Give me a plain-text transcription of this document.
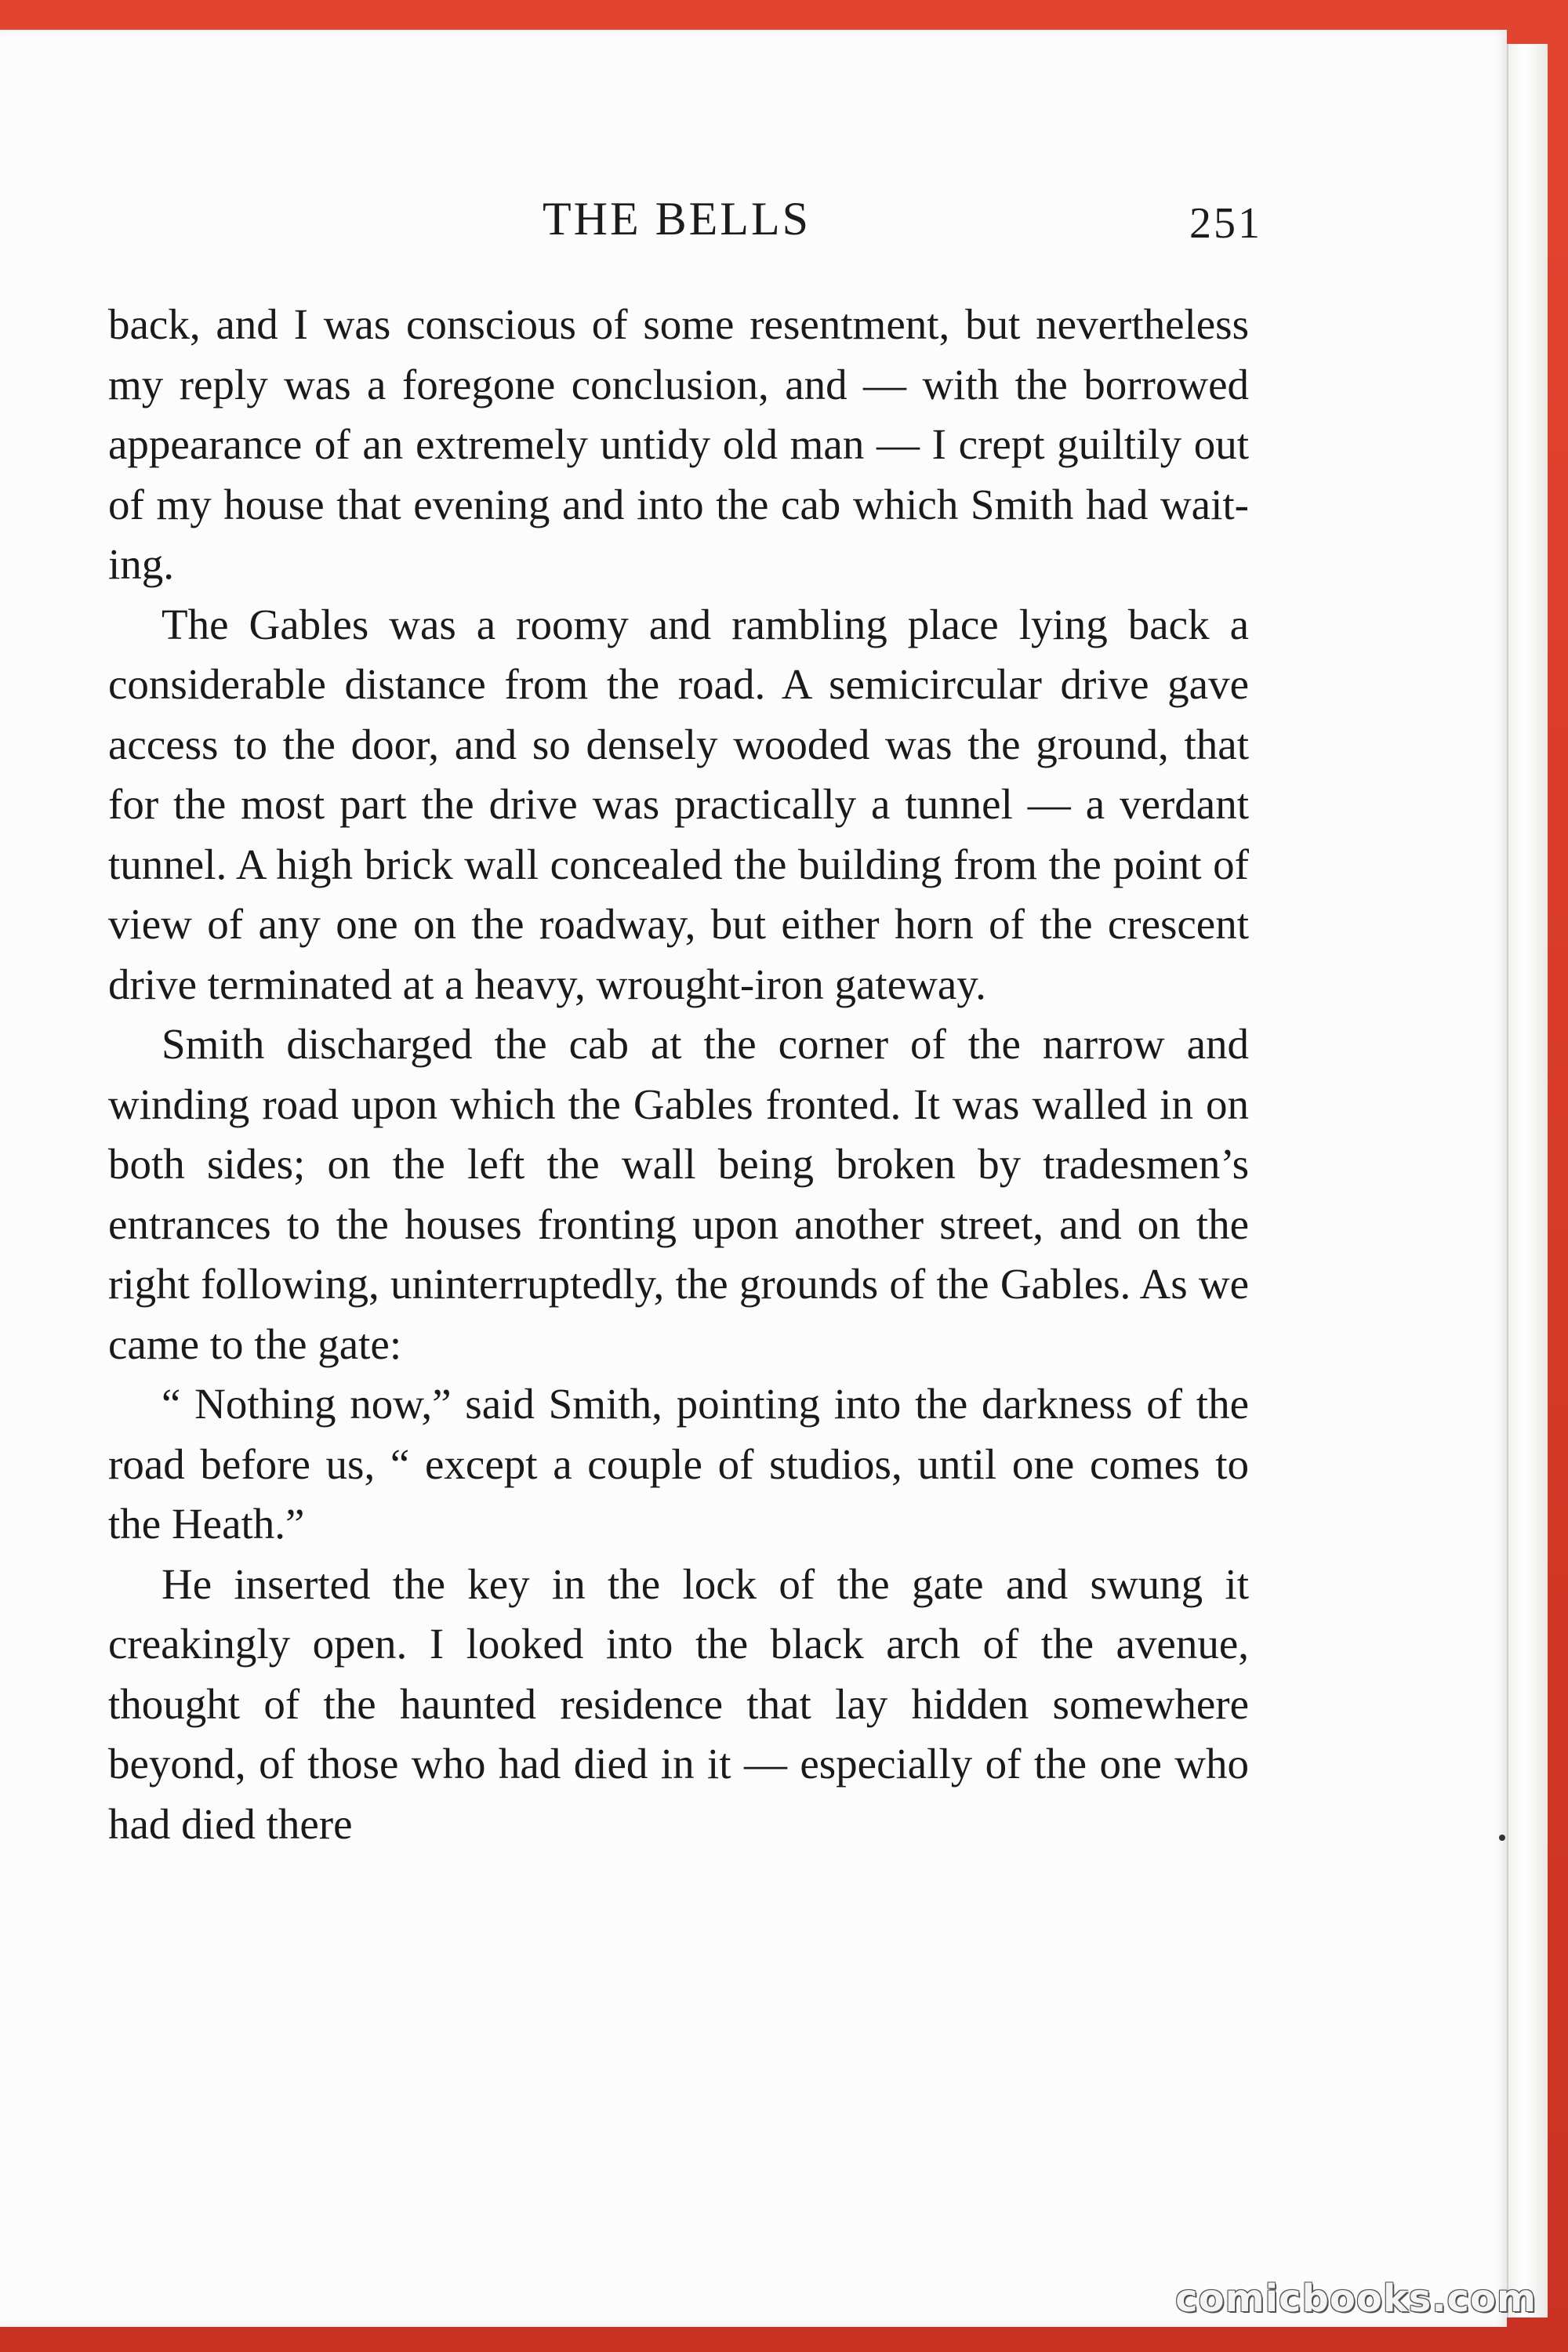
THE BELLS	251

back, and I was conscious of some resentment, but nevertheless my reply was a foregone conclusion, and — with the borrowed appearance of an extremely untidy old man — I crept guiltily out of my house that evening and into the cab which Smith had waiting.

The Gables was a roomy and rambling place lying back a considerable distance from the road. A semicircular drive gave access to the door, and so densely wooded was the ground, that for the most part the drive was practically a tunnel — a verdant tunnel. A high brick wall concealed the building from the point of view of any one on the roadway, but either horn of the crescent drive terminated at a heavy, wrought-iron gateway.

Smith discharged the cab at the corner of the narrow and winding road upon which the Gables fronted. It was walled in on both sides; on the left the wall being broken by tradesmen’s entrances to the houses fronting upon another street, and on the right following, uninterruptedly, the grounds of the Gables. As we came to the gate:

“ Nothing now,” said Smith, pointing into the darkness of the road before us, “ except a couple of studios, until one comes to the Heath.”

He inserted the key in the lock of the gate and swung it creakingly open. I looked into the black arch of the avenue, thought of the haunted residence that lay hidden somewhere beyond, of those who had died in it — especially of the one who had died there

comicbooks.com
